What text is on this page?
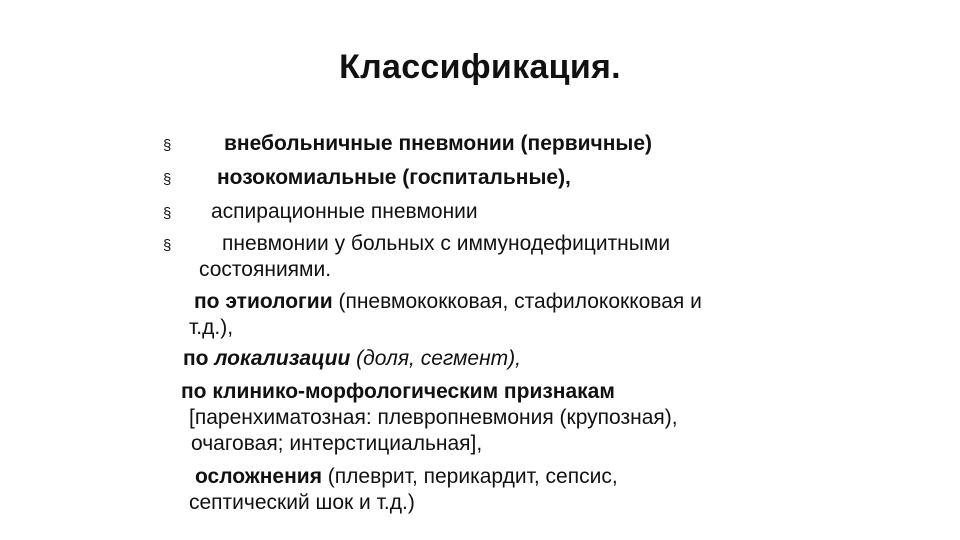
Классификация.
§	внебольничные пневмонии (первичные)
§ нозокомиальные (госпитальные),
§ аспирационные пневмонии
§ пневмонии у больных с иммунодефицитными
состояниями.
по этиологии (пневмококковая, стафилококковая и
т.д.),
по локализации (доля, сегмент),
по клинико-морфологическим признакам
[паренхиматозная: плевропневмония (крупозная),
очаговая; интерстициальная],
осложнения (плеврит, перикардит, сепсис,
септический шок и т.д.)
